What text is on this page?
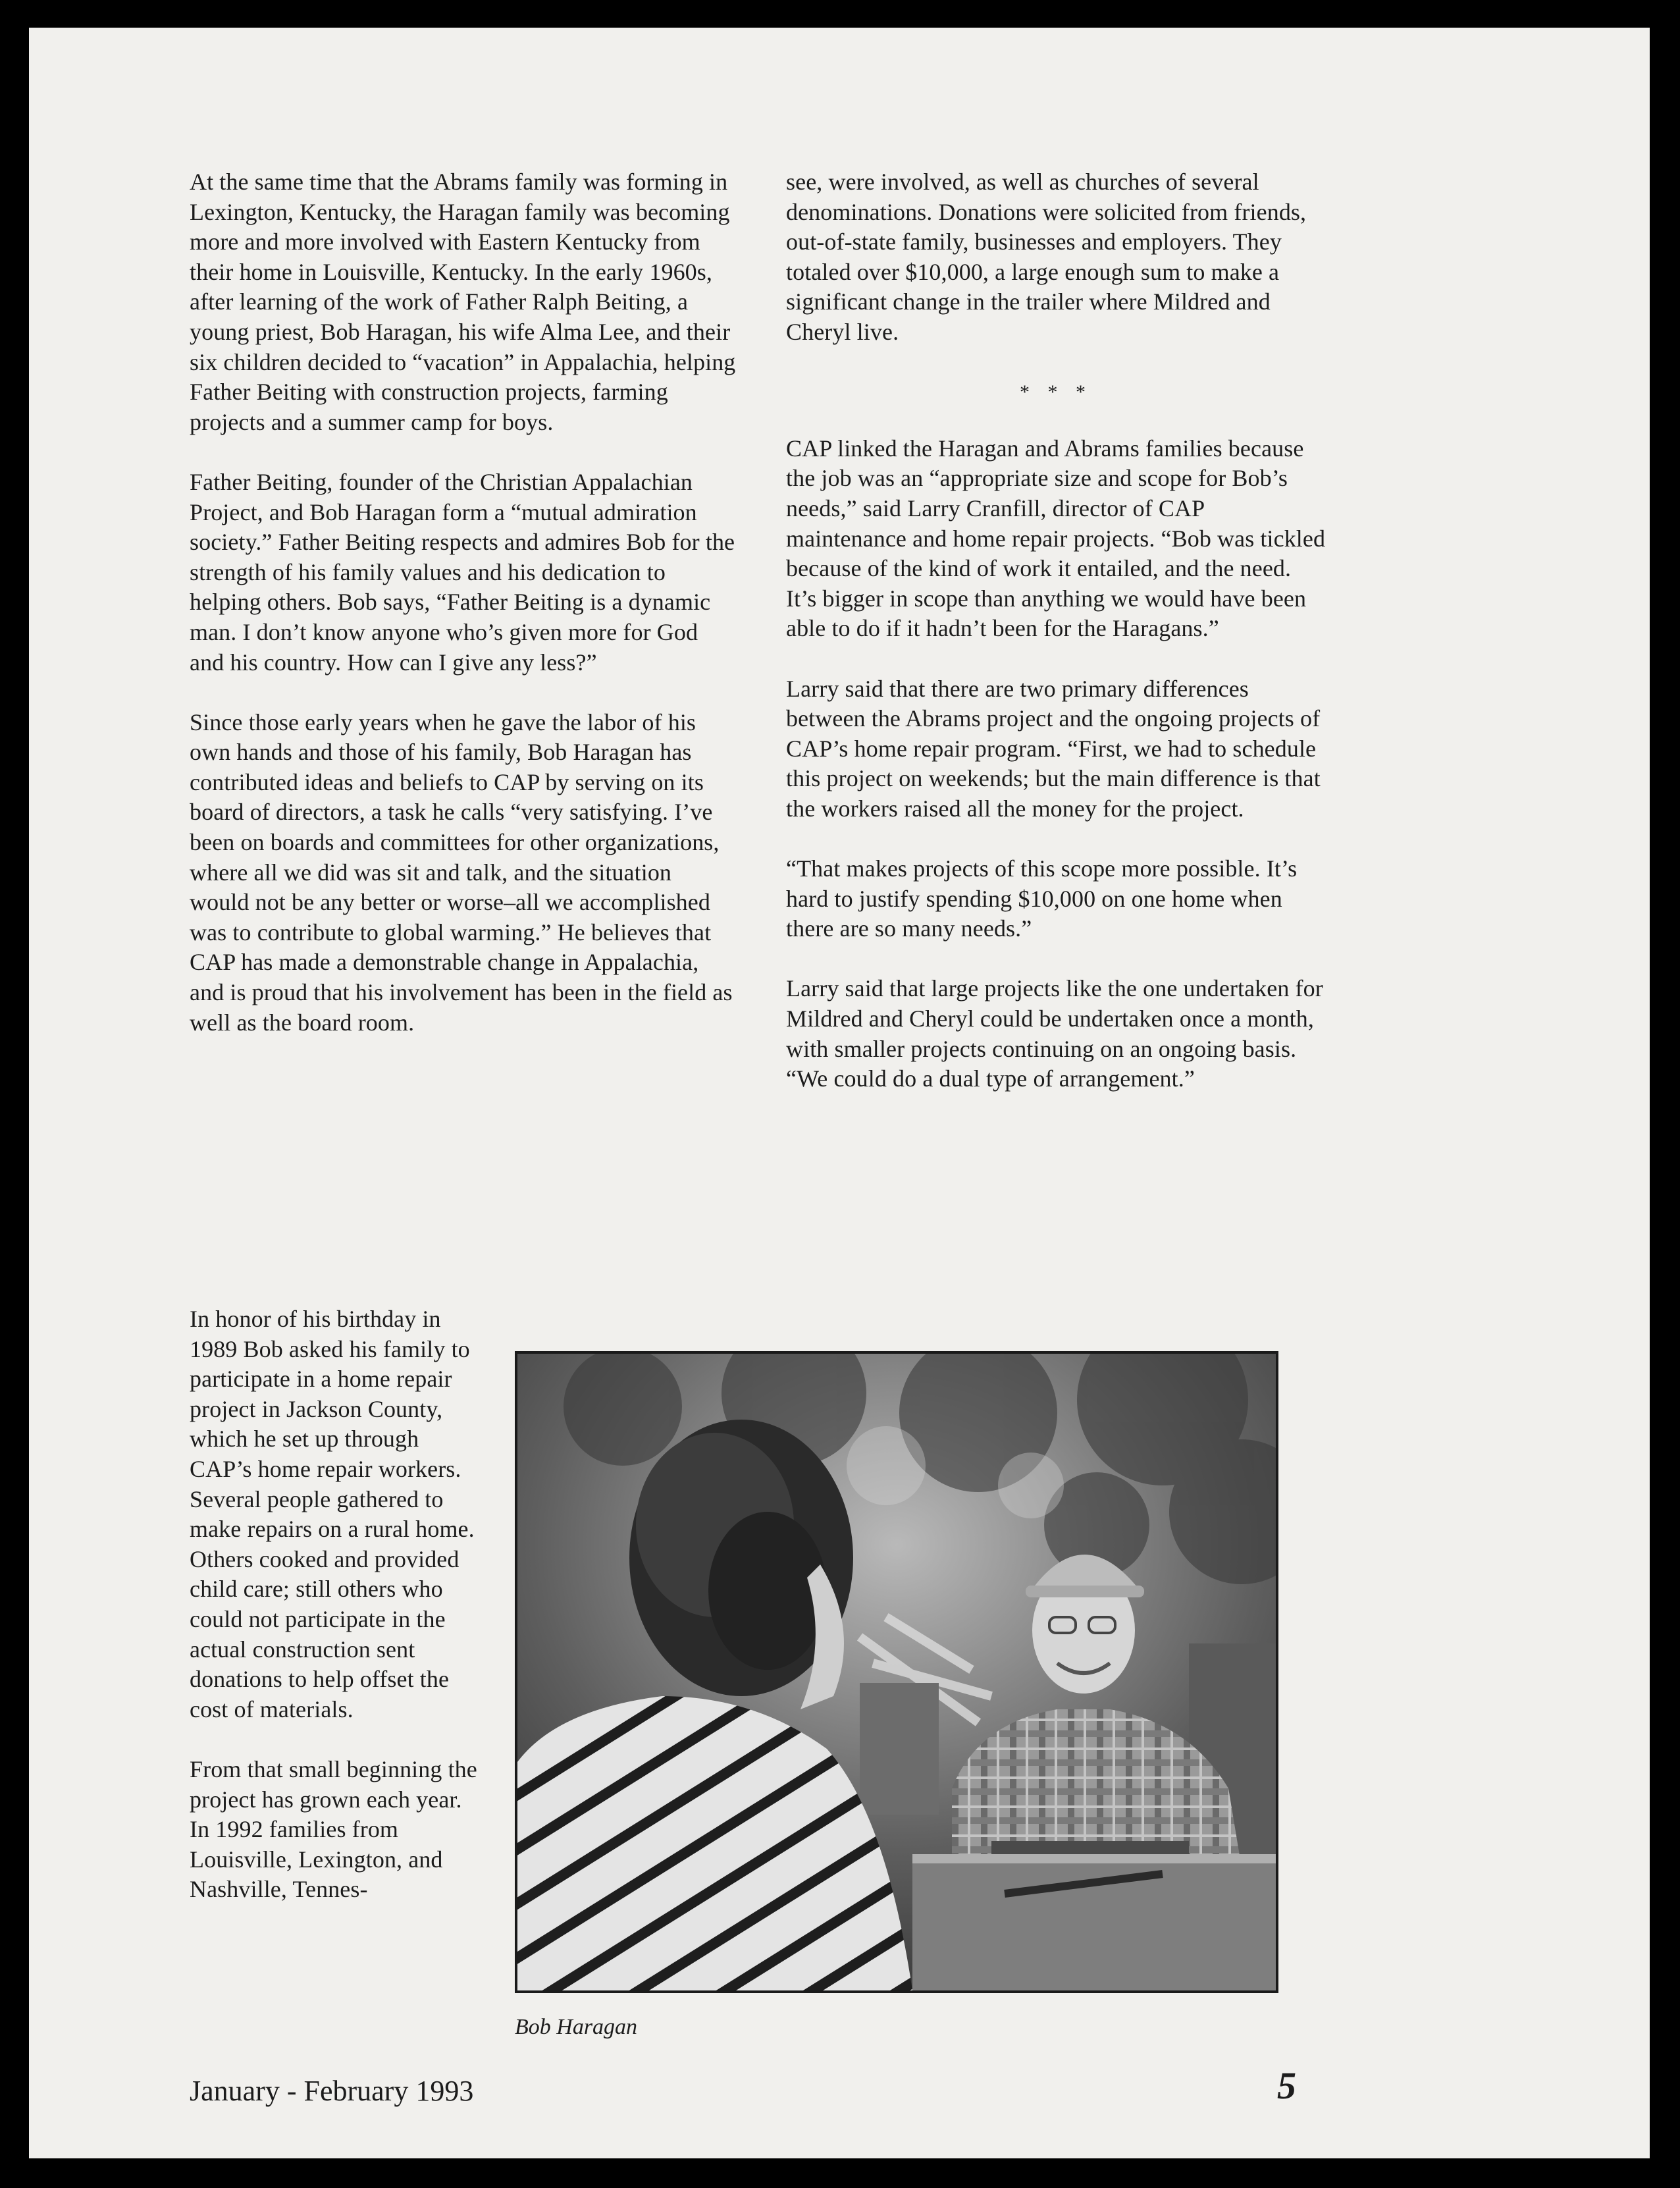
At the same time that the Abrams family was forming in Lexington, Kentucky, the Haragan family was becoming more and more involved with Eastern Kentucky from their home in Louisville, Kentucky. In the early 1960s, after learning of the work of Father Ralph Beiting, a young priest, Bob Haragan, his wife Alma Lee, and their six children decided to “vacation” in Appalachia, helping Father Beiting with construction projects, farming projects and a summer camp for boys.

Father Beiting, founder of the Christian Appalachian Project, and Bob Haragan form a “mutual admiration society.” Father Beiting respects and admires Bob for the strength of his family values and his dedication to helping others. Bob says, “Father Beiting is a dynamic man. I don’t know anyone who’s given more for God and his country. How can I give any less?”

Since those early years when he gave the labor of his own hands and those of his family, Bob Haragan has contributed ideas and beliefs to CAP by serving on its board of directors, a task he calls “very satisfying. I’ve been on boards and committees for other organizations, where all we did was sit and talk, and the situation would not be any better or worse–all we accomplished was to contribute to global warming.” He believes that CAP has made a demonstrable change in Appalachia, and is proud that his involvement has been in the field as well as the board room.

In honor of his birthday in 1989 Bob asked his family to participate in a home repair project in Jackson County, which he set up through CAP’s home repair workers. Several people gathered to make repairs on a rural home. Others cooked and provided child care; still others who could not participate in the actual construction sent donations to help offset the cost of materials.

From that small beginning the project has grown each year. In 1992 families from Louisville, Lexington, and Nashville, Tennes-

see, were involved, as well as churches of several denominations. Donations were solicited from friends, out-of-state family, businesses and employers. They totaled over $10,000, a large enough sum to make a significant change in the trailer where Mildred and Cheryl live.

* * *

CAP linked the Haragan and Abrams families because the job was an “appropriate size and scope for Bob’s needs,” said Larry Cranfill, director of CAP maintenance and home repair projects. “Bob was tickled because of the kind of work it entailed, and the need. It’s bigger in scope than anything we would have been able to do if it hadn’t been for the Haragans.”

Larry said that there are two primary differences between the Abrams project and the ongoing projects of CAP’s home repair program. “First, we had to schedule this project on weekends; but the main difference is that the workers raised all the money for the project.

“That makes projects of this scope more possible. It’s hard to justify spending $10,000 on one home when there are so many needs.”

Larry said that large projects like the one undertaken for Mildred and Cheryl could be undertaken once a month, with smaller projects continuing on an ongoing basis. “We could do a dual type of arrangement.”

Bob Haragan
January - February 1993	5
